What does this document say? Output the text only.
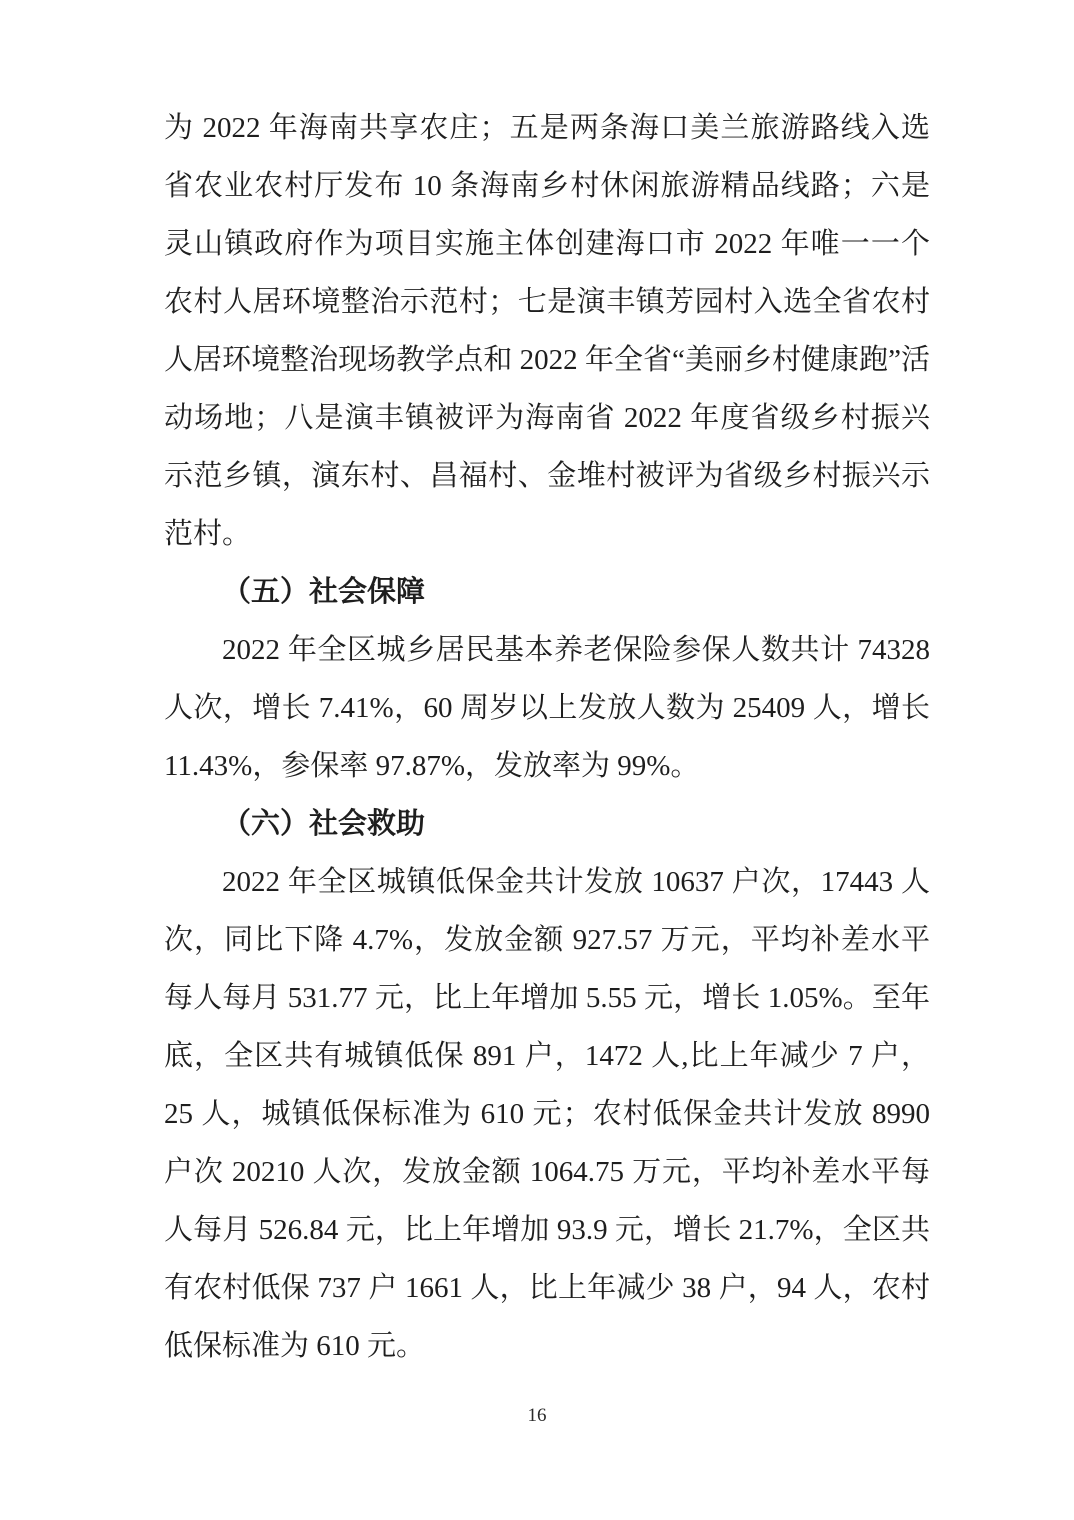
为 2022 年海南共享农庄；五是两条海口美兰旅游路线入选省农业农村厅发布 10 条海南乡村休闲旅游精品线路；六是灵山镇政府作为项目实施主体创建海口市 2022 年唯一一个农村人居环境整治示范村；七是演丰镇芳园村入选全省农村人居环境整治现场教学点和 2022 年全省“美丽乡村健康跑”活动场地；八是演丰镇被评为海南省 2022 年度省级乡村振兴示范乡镇，演东村、昌福村、金堆村被评为省级乡村振兴示范村。

（五）社会保障

2022 年全区城乡居民基本养老保险参保人数共计 74328 人次，增长 7.41%，60 周岁以上发放人数为 25409 人，增长 11.43%，参保率 97.87%，发放率为 99%。

（六）社会救助

2022 年全区城镇低保金共计发放 10637 户次，17443 人次，同比下降 4.7%，发放金额 927.57 万元，平均补差水平每人每月 531.77 元，比上年增加 5.55 元，增长 1.05%。至年底，全区共有城镇低保 891 户，1472 人,比上年减少 7 户，25 人，城镇低保标准为 610 元；农村低保金共计发放 8990 户次 20210 人次，发放金额 1064.75 万元，平均补差水平每人每月 526.84 元，比上年增加 93.9 元，增长 21.7%，全区共有农村低保 737 户 1661 人，比上年减少 38 户，94 人，农村低保标准为 610 元。

16
